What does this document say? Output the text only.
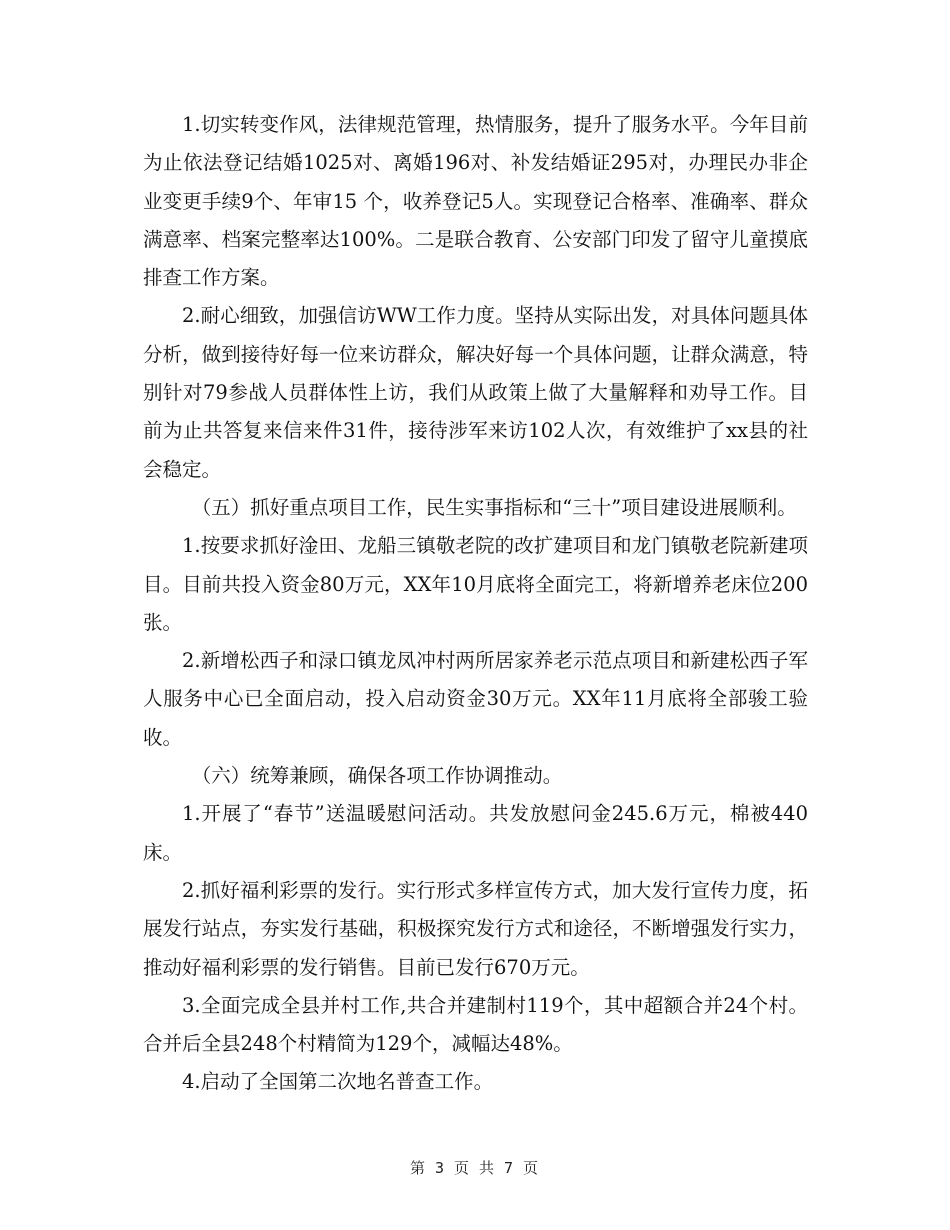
1.切实转变作风，法律规范管理，热情服务，提升了服务水平。今年目前为止依法登记结婚1025对、离婚196对、补发结婚证295对，办理民办非企业变更手续9个、年审15 个，收养登记5人。实现登记合格率、准确率、群众满意率、档案完整率达100%。二是联合教育、公安部门印发了留守儿童摸底排查工作方案。

2.耐心细致，加强信访WW工作力度。坚持从实际出发，对具体问题具体分析，做到接待好每一位来访群众，解决好每一个具体问题，让群众满意，特别针对79参战人员群体性上访，我们从政策上做了大量解释和劝导工作。目前为止共答复来信来件31件，接待涉军来访102人次，有效维护了xx县的社会稳定。

（五）抓好重点项目工作，民生实事指标和“三十”项目建设进展顺利。

1.按要求抓好淦田、龙船三镇敬老院的改扩建项目和龙门镇敬老院新建项目。目前共投入资金80万元，XX年10月底将全面完工，将新增养老床位200张。

2.新增松西子和渌口镇龙凤冲村两所居家养老示范点项目和新建松西子军人服务中心已全面启动，投入启动资金30万元。XX年11月底将全部骏工验收。

（六）统筹兼顾，确保各项工作协调推动。

1.开展了“春节”送温暖慰问活动。共发放慰问金245.6万元，棉被440床。

2.抓好福利彩票的发行。实行形式多样宣传方式，加大发行宣传力度，拓展发行站点，夯实发行基础，积极探究发行方式和途径，不断增强发行实力，推动好福利彩票的发行销售。目前已发行670万元。

3.全面完成全县并村工作,共合并建制村119个，其中超额合并24个村。合并后全县248个村精简为129个，减幅达48%。

4.启动了全国第二次地名普查工作。

第 3 页 共 7 页
